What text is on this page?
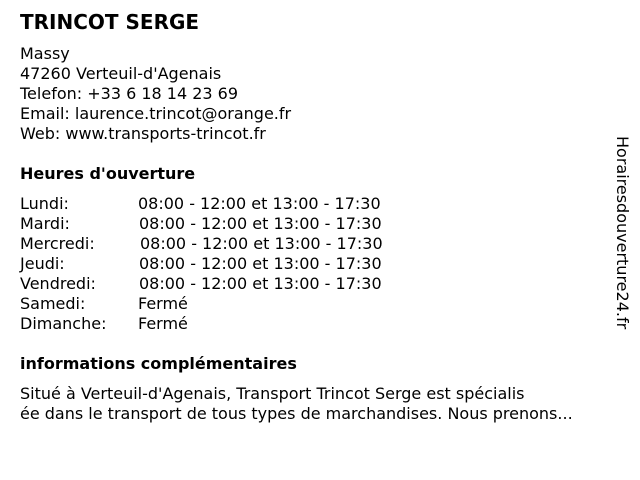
TRINCOT SERGE
Massy
47260 Verteuil-d'Agenais
Telefon: +33 6 18 14 23 69
Email: laurence.trincot@orange.fr
Web: www.transports-trincot.fr
Heures d'ouverture
Lundi:	08:00 - 12:00 et 13:00 - 17:30
Mardi:	08:00 - 12:00 et 13:00 - 17:30
Mercredi:	08:00 - 12:00 et 13:00 - 17:30
Jeudi:	08:00 - 12:00 et 13:00 - 17:30
Vendredi:	08:00 - 12:00 et 13:00 - 17:30
Samedi:	Fermé
Dimanche: Fermé
informations complémentaires
Situé à Verteuil-d'Agenais, Transport Trincot Serge est spécialis
ée dans le transport de tous types de marchandises. Nous prenons...
Horairesdouverture24.fr
